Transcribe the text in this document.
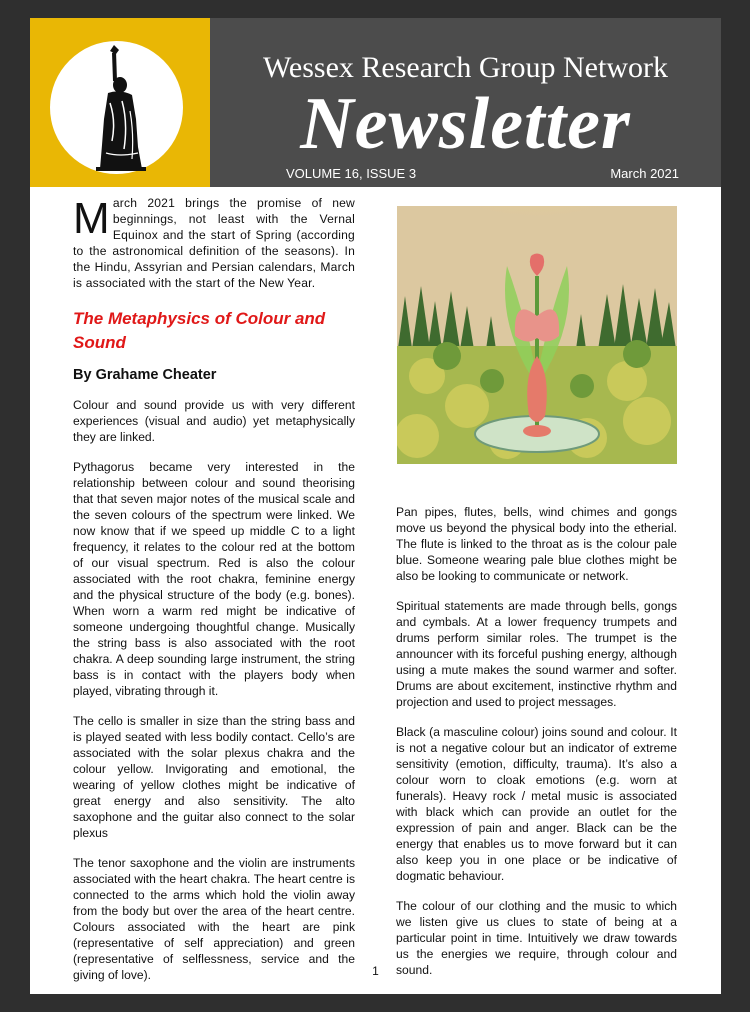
Wessex Research Group Network
Newsletter
VOLUME 16, ISSUE 3	March 2021

March 2021 brings the promise of new beginnings, not least with the Vernal Equinox and the start of Spring (according to the astronomical definition of the seasons). In the Hindu, Assyrian and Persian calendars, March is associated with the start of the New Year.

The Metaphysics of Colour and Sound
By Grahame Cheater

Colour and sound provide us with very different experiences (visual and audio) yet metaphysically they are linked.

Pythagorus became very interested in the relationship between colour and sound theorising that that seven major notes of the musical scale and the seven colours of the spectrum were linked. We now know that if we speed up middle C to a light frequency, it relates to the colour red at the bottom of our visual spectrum. Red is also the colour associated with the root chakra, feminine energy and the physical structure of the body (e.g. bones). When worn a warm red might be indicative of someone undergoing thoughtful change. Musically the string bass is also associated with the root chakra. A deep sounding large instrument, the string bass is in contact with the players body when played, vibrating through it.

The cello is smaller in size than the string bass and is played seated with less bodily contact. Cello’s are associated with the solar plexus chakra and the colour yellow. Invigorating and emotional, the wearing of yellow clothes might be indicative of great energy and also sensitivity. The alto saxophone and the guitar also connect to the solar plexus

The tenor saxophone and the violin are instruments associated with the heart chakra. The heart centre is connected to the arms which hold the violin away from the body but over the area of the heart centre. Colours associated with the heart are pink (representative of self appreciation) and green (representative of selflessness, service and the giving of love).

Pan pipes, flutes, bells, wind chimes and gongs move us beyond the physical body into the etherial. The flute is linked to the throat as is the colour pale blue. Someone wearing pale blue clothes might be also be looking to communicate or network.

Spiritual statements are made through bells, gongs and cymbals. At a lower frequency trumpets and drums perform similar roles. The trumpet is the announcer with its forceful pushing energy, although using a mute makes the sound warmer and softer. Drums are about excitement, instinctive rhythm and projection and used to project messages.

Black (a masculine colour) joins sound and colour. It is not a negative colour but an indicator of extreme sensitivity (emotion, difficulty, trauma). It’s also a colour worn to cloak emotions (e.g. worn at funerals). Heavy rock / metal music is associated with black which can provide an outlet for the expression of pain and anger. Black can be the energy that enables us to move forward but it can also keep you in one place or be indicative of dogmatic behaviour.

The colour of our clothing and the music to which we listen give us clues to state of being at a particular point in time. Intuitively we draw towards us the energies we require, through colour and sound.

1
